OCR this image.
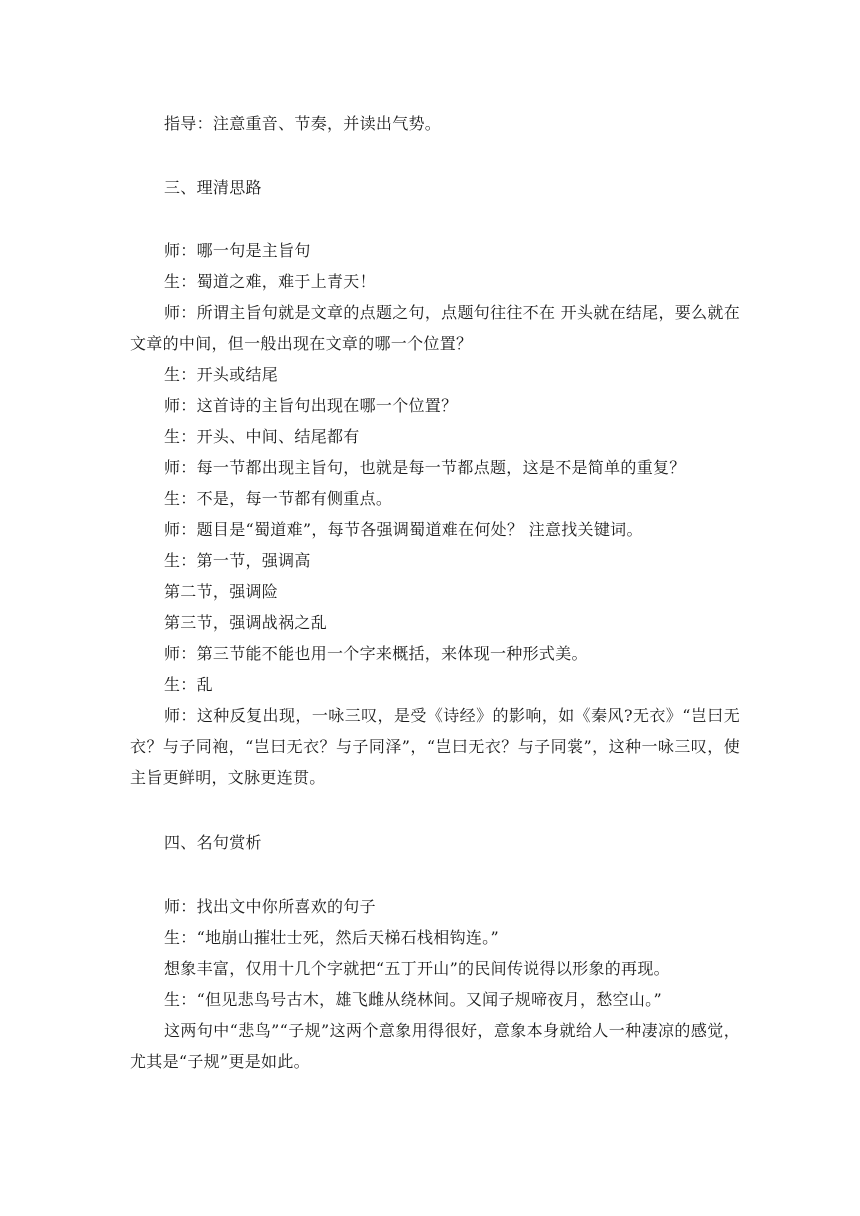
指导：注意重音、节奏，并读出气势。

三、理清思路

师：哪一句是主旨句

生：蜀道之难，难于上青天！

师：所谓主旨句就是文章的点题之句，点题句往往不在 开头就在结尾，要么就在文章的中间，但一般出现在文章的哪一个位置？

生：开头或结尾

师：这首诗的主旨句出现在哪一个位置？

生：开头、中间、结尾都有

师：每一节都出现主旨句，也就是每一节都点题，这是不是简单的重复？

生：不是，每一节都有侧重点。

师：题目是“蜀道难”，每节各强调蜀道难在何处？ 注意找关键词。

生：第一节，强调高

第二节，强调险

第三节，强调战祸之乱

师：第三节能不能也用一个字来概括，来体现一种形式美。

生：乱

师：这种反复出现，一咏三叹，是受《诗经》的影响，如《秦风?无衣》“岂曰无衣？与子同袍，“岂曰无衣？与子同泽”，“岂曰无衣？与子同裳”，这种一咏三叹，使主旨更鲜明，文脉更连贯。

四、名句赏析

师：找出文中你所喜欢的句子

生：“地崩山摧壮士死，然后天梯石栈相钩连。”

想象丰富，仅用十几个字就把“五丁开山”的民间传说得以形象的再现。

生：“但见悲鸟号古木，雄飞雌从绕林间。又闻子规啼夜月，愁空山。”

这两句中“悲鸟”“子规”这两个意象用得很好，意象本身就给人一种凄凉的感觉，尤其是“子规”更是如此。
